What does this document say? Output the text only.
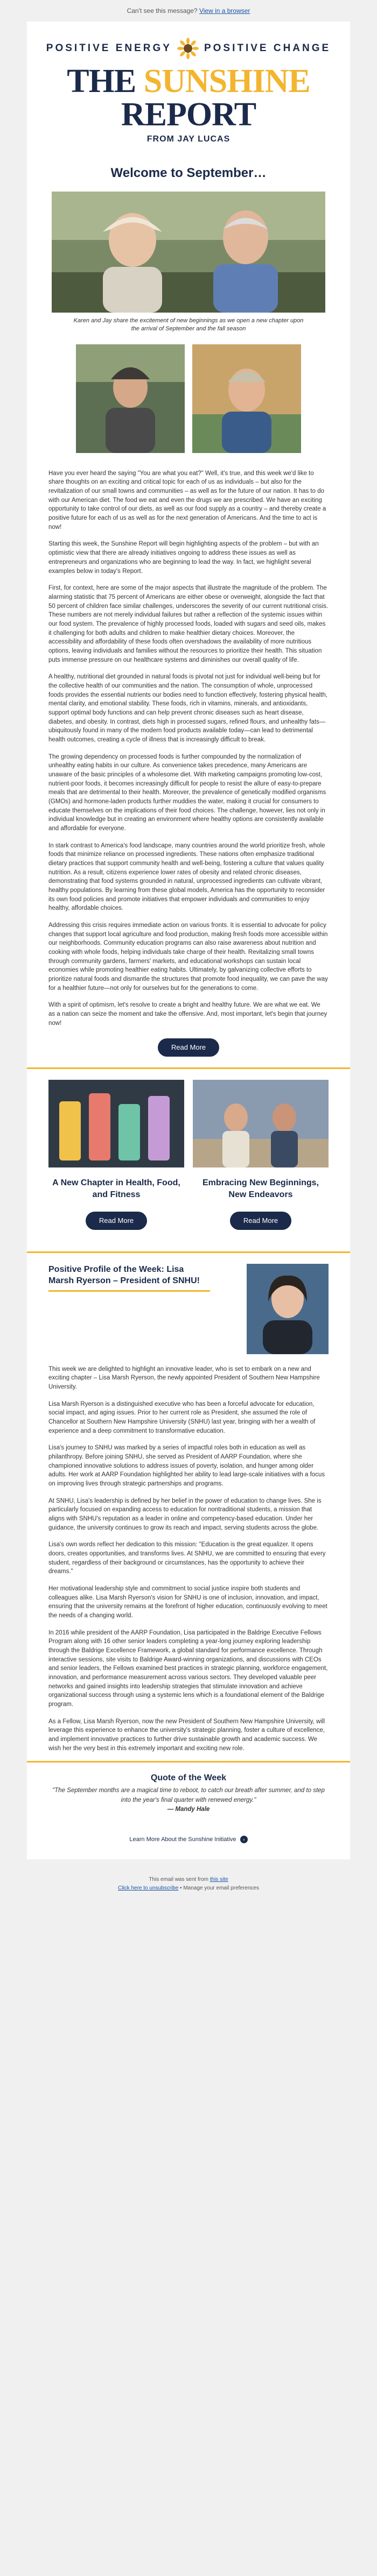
Can't see this message? View in a browser
POSITIVE ENERGY	POSITIVE CHANGE
THE SUNSHINE REPORT
FROM JAY LUCAS
Welcome to September…

Karen and Jay share the excitement of new beginnings as we open a new chapter upon the arrival of September and the fall season

Have you ever heard the saying "You are what you eat?" Well, it's true, and this week we'd like to share thoughts on an exciting and critical topic for each of us as individuals – but also for the revitalization of our small towns and communities – as well as for the future of our nation. It has to do with our American diet. The food we eat and even the drugs we are prescribed. We have an exciting opportunity to take control of our diets, as well as our food supply as a country – and thereby create a positive future for each of us as well as for the next generation of Americans. And the time to act is now!

Starting this week, the Sunshine Report will begin highlighting aspects of the problem – but with an optimistic view that there are already initiatives ongoing to address these issues as well as entrepreneurs and organizations who are beginning to lead the way. In fact, we highlight several examples below in today's Report.

First, for context, here are some of the major aspects that illustrate the magnitude of the problem. The alarming statistic that 75 percent of Americans are either obese or overweight, alongside the fact that 50 percent of children face similar challenges, underscores the severity of our current nutritional crisis. These numbers are not merely individual failures but rather a reflection of the systemic issues within our food system. The prevalence of highly processed foods, loaded with sugars and seed oils, makes it challenging for both adults and children to make healthier dietary choices. Moreover, the accessibility and affordability of these foods often overshadows the availability of more nutritious options, leaving individuals and families without the resources to prioritize their health. This situation puts immense pressure on our healthcare systems and diminishes our overall quality of life.

A healthy, nutritional diet grounded in natural foods is pivotal not just for individual well-being but for the collective health of our communities and the nation. The consumption of whole, unprocessed foods provides the essential nutrients our bodies need to function effectively, fostering physical health, mental clarity, and emotional stability. These foods, rich in vitamins, minerals, and antioxidants, support optimal body functions and can help prevent chronic diseases such as heart disease, diabetes, and obesity. In contrast, diets high in processed sugars, refined flours, and unhealthy fats—ubiquitously found in many of the modern food products available today—can lead to detrimental health outcomes, creating a cycle of illness that is increasingly difficult to break.

The growing dependency on processed foods is further compounded by the normalization of unhealthy eating habits in our culture. As convenience takes precedence, many Americans are unaware of the basic principles of a wholesome diet. With marketing campaigns promoting low-cost, nutrient-poor foods, it becomes increasingly difficult for people to resist the allure of easy-to-prepare meals that are detrimental to their health. Moreover, the prevalence of genetically modified organisms (GMOs) and hormone-laden products further muddies the water, making it crucial for consumers to educate themselves on the implications of their food choices. The challenge, however, lies not only in individual knowledge but in creating an environment where healthy options are consistently available and affordable for everyone.

In stark contrast to America's food landscape, many countries around the world prioritize fresh, whole foods that minimize reliance on processed ingredients. These nations often emphasize traditional dietary practices that support community health and well-being, fostering a culture that values quality nutrition. As a result, citizens experience lower rates of obesity and related chronic diseases, demonstrating that food systems grounded in natural, unprocessed ingredients can cultivate vibrant, healthy populations. By learning from these global models, America has the opportunity to reconsider its own food policies and promote initiatives that empower individuals and communities to enjoy healthy, affordable choices.

Addressing this crisis requires immediate action on various fronts. It is essential to advocate for policy changes that support local agriculture and food production, making fresh foods more accessible within our neighborhoods. Community education programs can also raise awareness about nutrition and cooking with whole foods, helping individuals take charge of their health. Revitalizing small towns through community gardens, farmers' markets, and educational workshops can sustain local economies while promoting healthier eating habits. Ultimately, by galvanizing collective efforts to prioritize natural foods and dismantle the structures that promote food inequality, we can pave the way for a healthier future—not only for ourselves but for the generations to come.

With a spirit of optimism, let's resolve to create a bright and healthy future. We are what we eat. We as a nation can seize the moment and take the offensive. And, most important, let's begin that journey now!

Read More
A New Chapter in Health, Food, and Fitness
Read More
Embracing New Beginnings, New Endeavors
Read More
Positive Profile of the Week: Lisa Marsh Ryerson – President of SNHU!

This week we are delighted to highlight an innovative leader, who is set to embark on a new and exciting chapter – Lisa Marsh Ryerson, the newly appointed President of Southern New Hampshire University.

Lisa Marsh Ryerson is a distinguished executive who has been a forceful advocate for education, social impact, and aging issues. Prior to her current role as President, she assumed the role of Chancellor at Southern New Hampshire University (SNHU) last year, bringing with her a wealth of experience and a deep commitment to transformative education.

Lisa's journey to SNHU was marked by a series of impactful roles both in education as well as philanthropy. Before joining SNHU, she served as President of AARP Foundation, where she championed innovative solutions to address issues of poverty, isolation, and hunger among older adults. Her work at AARP Foundation highlighted her ability to lead large-scale initiatives with a focus on improving lives through strategic partnerships and programs.

At SNHU, Lisa's leadership is defined by her belief in the power of education to change lives. She is particularly focused on expanding access to education for nontraditional students, a mission that aligns with SNHU's reputation as a leader in online and competency-based education. Under her guidance, the university continues to grow its reach and impact, serving students across the globe.

Lisa's own words reflect her dedication to this mission: "Education is the great equalizer. It opens doors, creates opportunities, and transforms lives. At SNHU, we are committed to ensuring that every student, regardless of their background or circumstances, has the opportunity to achieve their dreams."

Her motivational leadership style and commitment to social justice inspire both students and colleagues alike. Lisa Marsh Ryerson's vision for SNHU is one of inclusion, innovation, and impact, ensuring that the university remains at the forefront of higher education, continuously evolving to meet the needs of a changing world.

In 2016 while president of the AARP Foundation, Lisa participated in the Baldrige Executive Fellows Program along with 16 other senior leaders completing a year-long journey exploring leadership through the Baldrige Excellence Framework, a global standard for performance excellence. Through interactive sessions, site visits to Baldrige Award-winning organizations, and discussions with CEOs and senior leaders, the Fellows examined best practices in strategic planning, workforce engagement, innovation, and performance measurement across various sectors. They developed valuable peer networks and gained insights into leadership strategies that stimulate innovation and achieve organizational success through using a systemic lens which is a foundational element of the Baldrige program.

As a Fellow, Lisa Marsh Ryerson, now the new President of Southern New Hampshire University, will leverage this experience to enhance the university's strategic planning, foster a culture of excellence, and implement innovative practices to further drive sustainable growth and academic success. We wish her the very best in this extremely important and exciting new role.

Quote of the Week

"The September months are a magical time to reboot, to catch our breath after summer, and to step into the year's final quarter with renewed energy."

— Mandy Hale

Learn More About the Sunshine Initiative ›
This email was sent from this site
Click here to unsubscribe • Manage your email preferences
